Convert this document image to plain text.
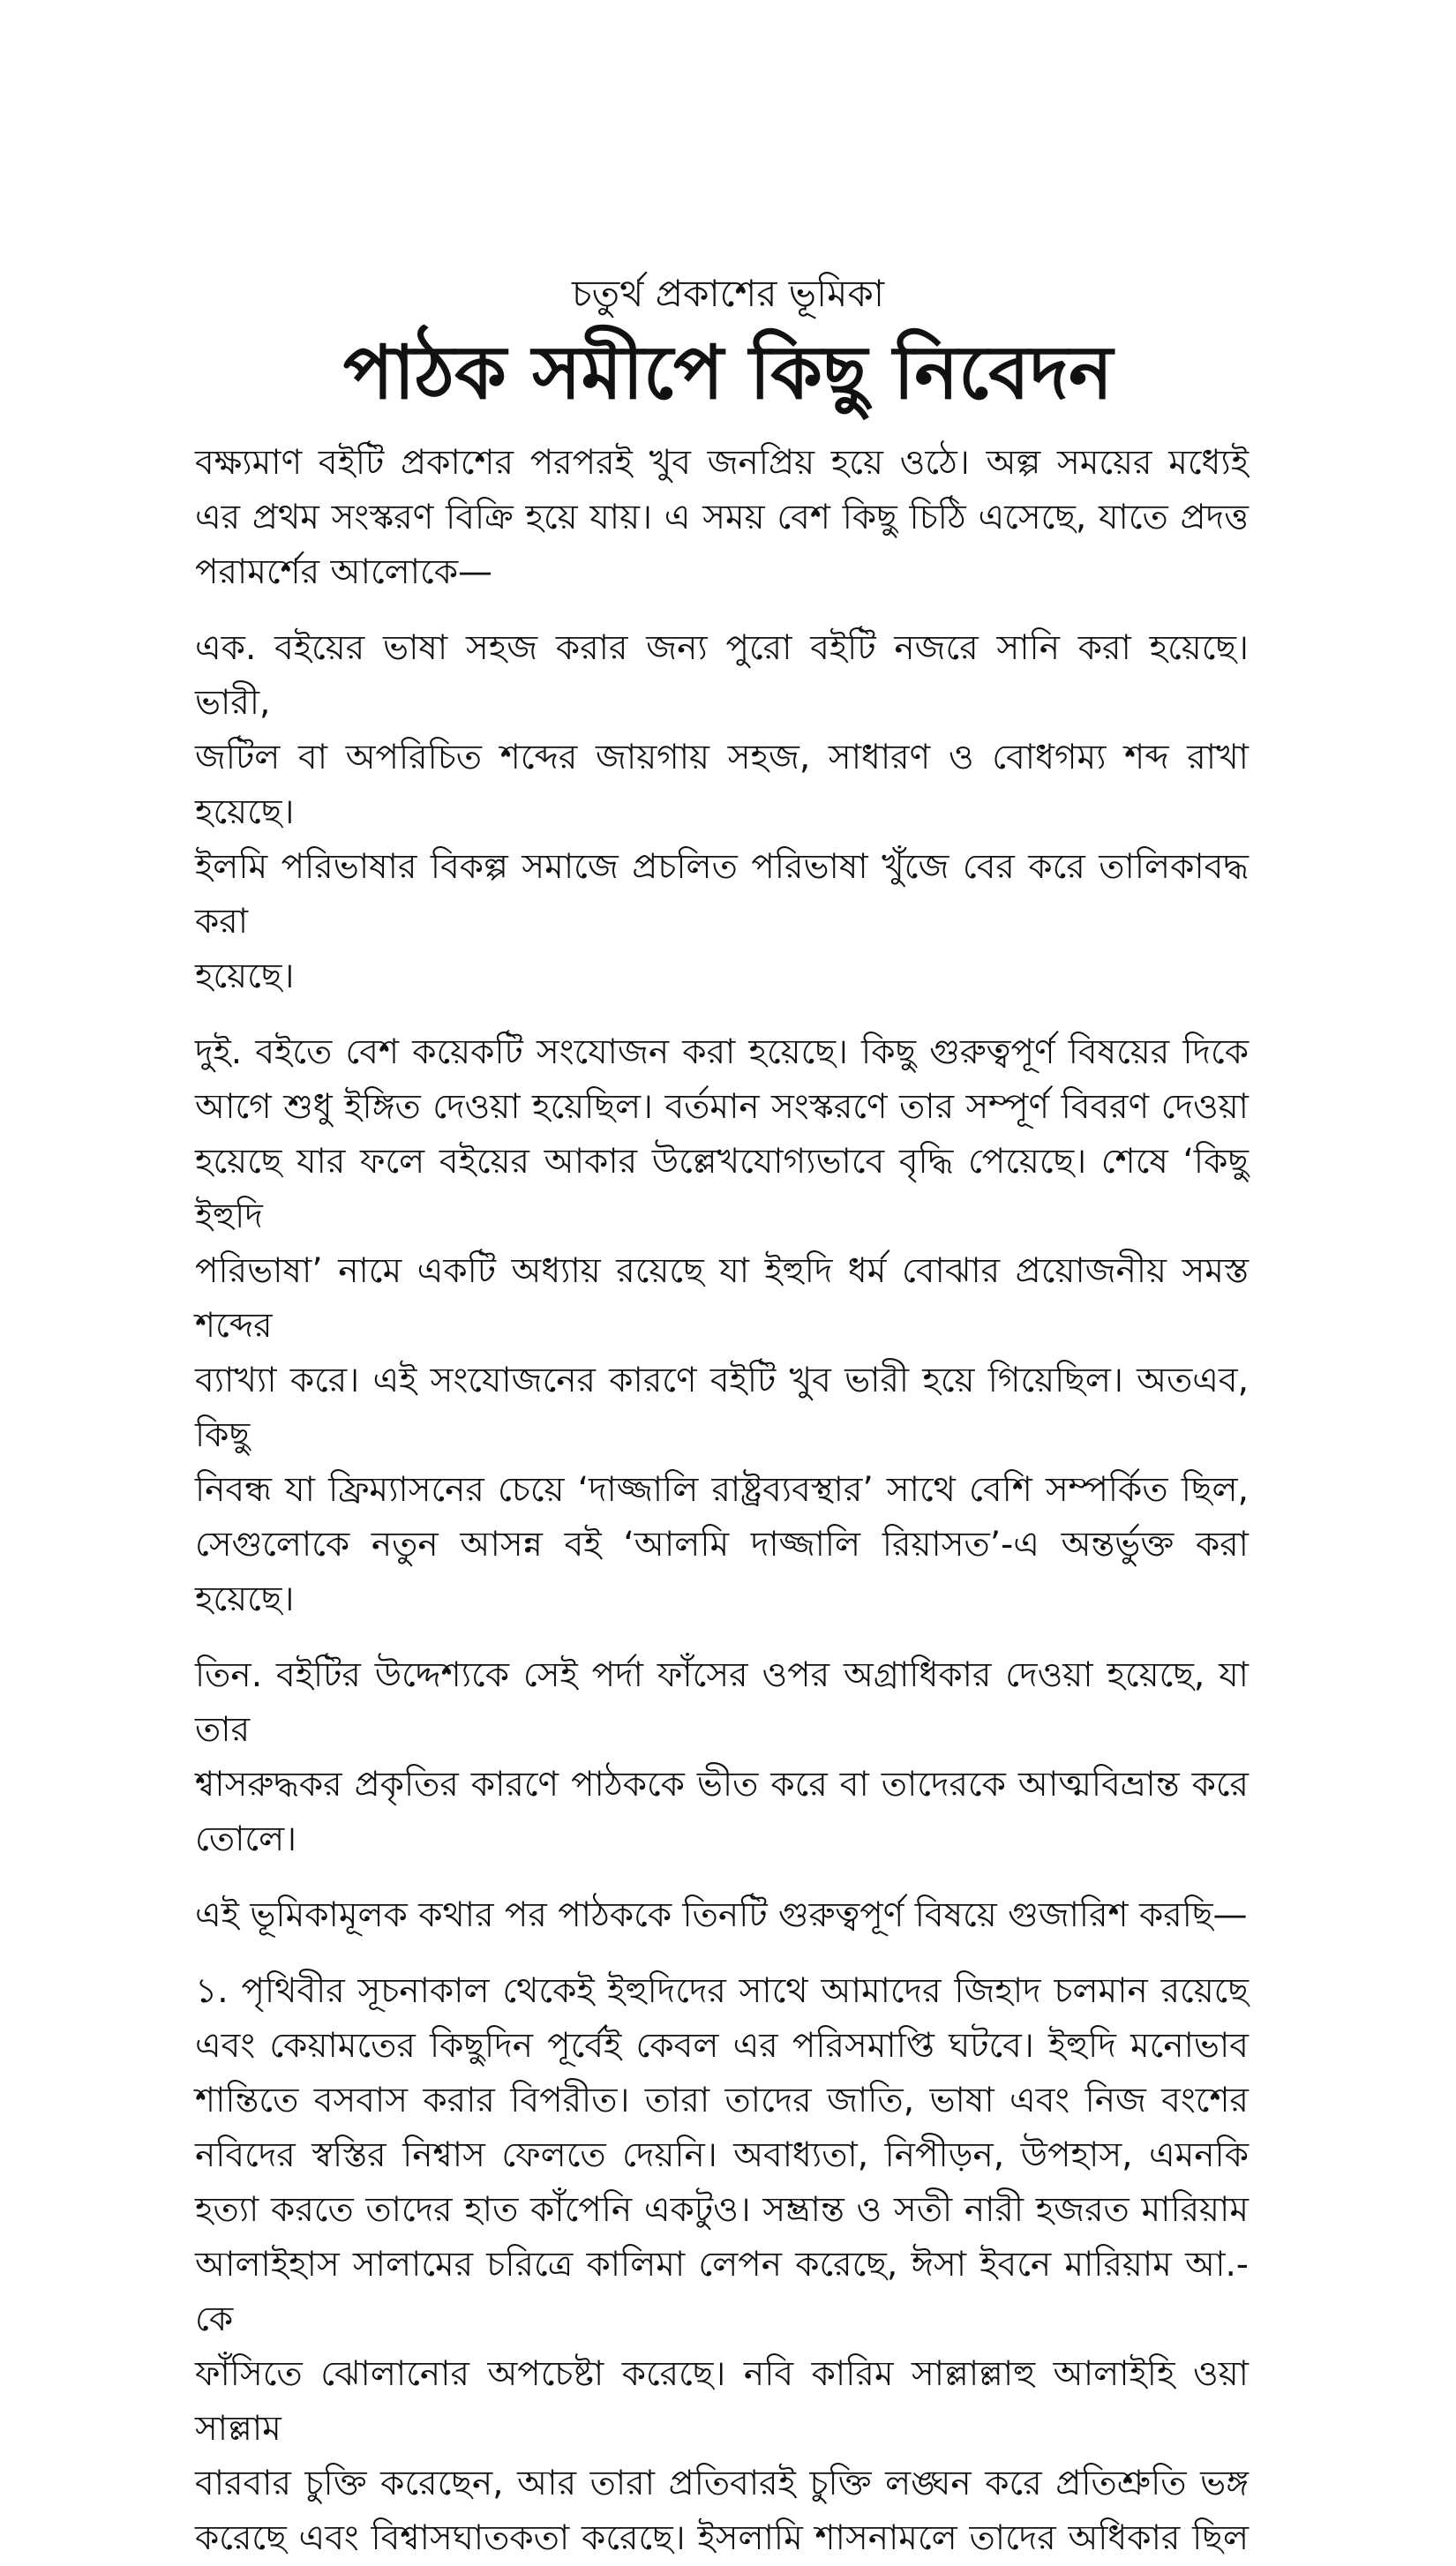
চতুর্থ প্রকাশের ভূমিকা
পাঠক সমীপে কিছু নিবেদন
বক্ষ্যমাণ বইটি প্রকাশের পরপরই খুব জনপ্রিয় হয়ে ওঠে। অল্প সময়ের মধ্যেই
এর প্রথম সংস্করণ বিক্রি হয়ে যায়। এ সময় বেশ কিছু চিঠি এসেছে, যাতে প্রদত্ত
পরামর্শের আলোকে—
এক. বইয়ের ভাষা সহজ করার জন্য পুরো বইটি নজরে সানি করা হয়েছে। ভারী,
জটিল বা অপরিচিত শব্দের জায়গায় সহজ, সাধারণ ও বোধগম্য শব্দ রাখা হয়েছে।
ইলমি পরিভাষার বিকল্প সমাজে প্রচলিত পরিভাষা খুঁজে বের করে তালিকাবদ্ধ করা
হয়েছে।
দুই. বইতে বেশ কয়েকটি সংযোজন করা হয়েছে। কিছু গুরুত্বপূর্ণ বিষয়ের দিকে
আগে শুধু ইঙ্গিত দেওয়া হয়েছিল। বর্তমান সংস্করণে তার সম্পূর্ণ বিবরণ দেওয়া
হয়েছে যার ফলে বইয়ের আকার উল্লেখযোগ্যভাবে বৃদ্ধি পেয়েছে। শেষে ‘কিছু ইহুদি
পরিভাষা’ নামে একটি অধ্যায় রয়েছে যা ইহুদি ধর্ম বোঝার প্রয়োজনীয় সমস্ত শব্দের
ব্যাখ্যা করে। এই সংযোজনের কারণে বইটি খুব ভারী হয়ে গিয়েছিল। অতএব, কিছু
নিবন্ধ যা ফ্রিম্যাসনের চেয়ে ‘দাজ্জালি রাষ্ট্রব্যবস্থার’ সাথে বেশি সম্পর্কিত ছিল,
সেগুলোকে নতুন আসন্ন বই ‘আলমি দাজ্জালি রিয়াসত’-এ অন্তর্ভুক্ত করা হয়েছে।
তিন. বইটির উদ্দেশ্যকে সেই পর্দা ফাঁসের ওপর অগ্রাধিকার দেওয়া হয়েছে, যা তার
শ্বাসরুদ্ধকর প্রকৃতির কারণে পাঠককে ভীত করে বা তাদেরকে আত্মবিভ্রান্ত করে
তোলে।
এই ভূমিকামূলক কথার পর পাঠককে তিনটি গুরুত্বপূর্ণ বিষয়ে গুজারিশ করছি—
১. পৃথিবীর সূচনাকাল থেকেই ইহুদিদের সাথে আমাদের জিহাদ চলমান রয়েছে
এবং কেয়ামতের কিছুদিন পূর্বেই কেবল এর পরিসমাপ্তি ঘটবে। ইহুদি মনোভাব
শান্তিতে বসবাস করার বিপরীত। তারা তাদের জাতি, ভাষা এবং নিজ বংশের
নবিদের স্বস্তির নিশ্বাস ফেলতে দেয়নি। অবাধ্যতা, নিপীড়ন, উপহাস, এমনকি
হত্যা করতে তাদের হাত কাঁপেনি একটুও। সম্ভ্রান্ত ও সতী নারী হজরত মারিয়াম
আলাইহাস সালামের চরিত্রে কালিমা লেপন করেছে, ঈসা ইবনে মারিয়াম আ.-কে
ফাঁসিতে ঝোলানোর অপচেষ্টা করেছে। নবি কারিম সাল্লাল্লাহু আলাইহি ওয়া সাল্লাম
বারবার চুক্তি করেছেন, আর তারা প্রতিবারই চুক্তি লঙ্ঘন করে প্রতিশ্রুতি ভঙ্গ
করেছে এবং বিশ্বাসঘাতকতা করেছে। ইসলামি শাসনামলে তাদের অধিকার ছিল
